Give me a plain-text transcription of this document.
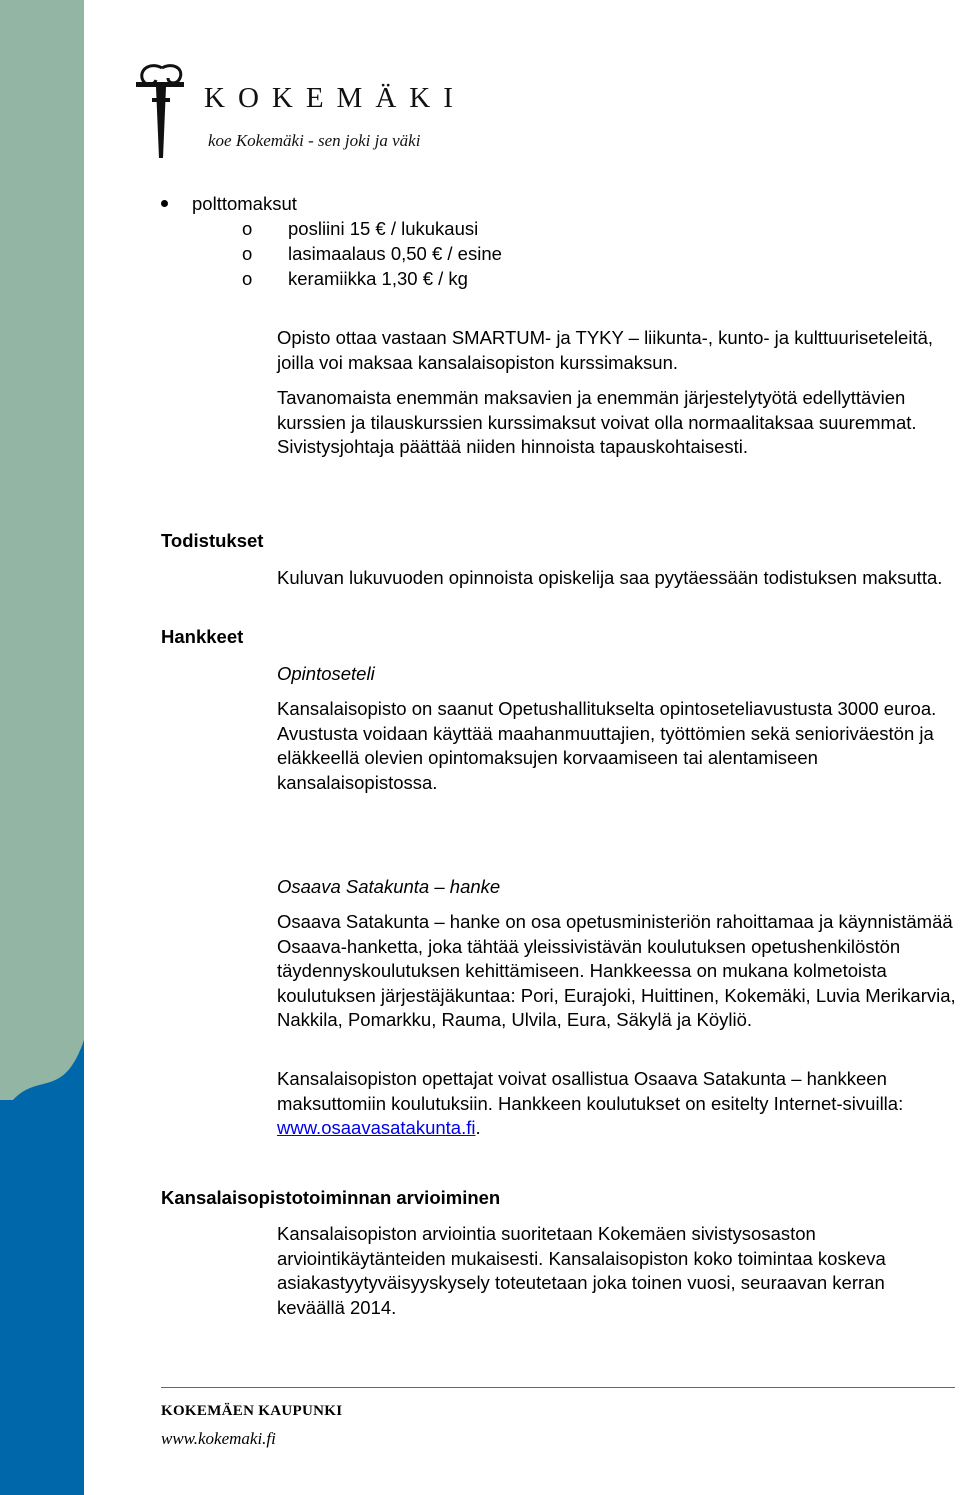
KOKEMÄKI
koe Kokemäki - sen joki ja väki
polttomaksut
o posliini 15 € / lukukausi
o lasimaalaus 0,50 € / esine
o keramiikka 1,30 € / kg
Opisto ottaa vastaan SMARTUM- ja TYKY – liikunta-, kunto- ja kulttuuriseteleitä, joilla voi maksaa kansalaisopiston kurssimaksun.
Tavanomaista enemmän maksavien ja enemmän järjestelytyötä edellyttävien kurssien ja tilauskurssien kurssimaksut voivat olla normaalitaksaa suuremmat. Sivistysjohtaja päättää niiden hinnoista tapauskohtaisesti.
Todistukset
Kuluvan lukuvuoden opinnoista opiskelija saa pyytäessään todistuksen maksutta.
Hankkeet
Opintoseteli
Kansalaisopisto on saanut Opetushallitukselta opintoseteliavustusta 3000 euroa. Avustusta voidaan käyttää maahanmuuttajien, työttömien sekä senioriväestön ja eläkkeellä olevien opintomaksujen korvaamiseen tai alentamiseen kansalaisopistossa.
Osaava Satakunta – hanke
Osaava Satakunta – hanke on osa opetusministeriön rahoittamaa ja käynnistämää Osaava-hanketta, joka tähtää yleissivistävän koulutuksen opetushenkilöstön täydennyskoulutuksen kehittämiseen. Hankkeessa on mukana kolmetoista koulutuksen järjestäjäkuntaa: Pori, Eurajoki, Huittinen, Kokemäki, Luvia Merikarvia, Nakkila, Pomarkku, Rauma, Ulvila, Eura, Säkylä ja Köyliö.
Kansalaisopiston opettajat voivat osallistua Osaava Satakunta – hankkeen maksuttomiin koulutuksiin. Hankkeen koulutukset on esitelty Internet-sivuilla: www.osaavasatakunta.fi.
Kansalaisopistotoiminnan arvioiminen
Kansalaisopiston arviointia suoritetaan Kokemäen sivistysosaston arviointikäytänteiden mukaisesti. Kansalaisopiston koko toimintaa koskeva asiakastyytyväisyyskysely toteutetaan joka toinen vuosi, seuraavan kerran keväällä 2014.
KOKEMÄEN KAUPUNKI
www.kokemaki.fi
